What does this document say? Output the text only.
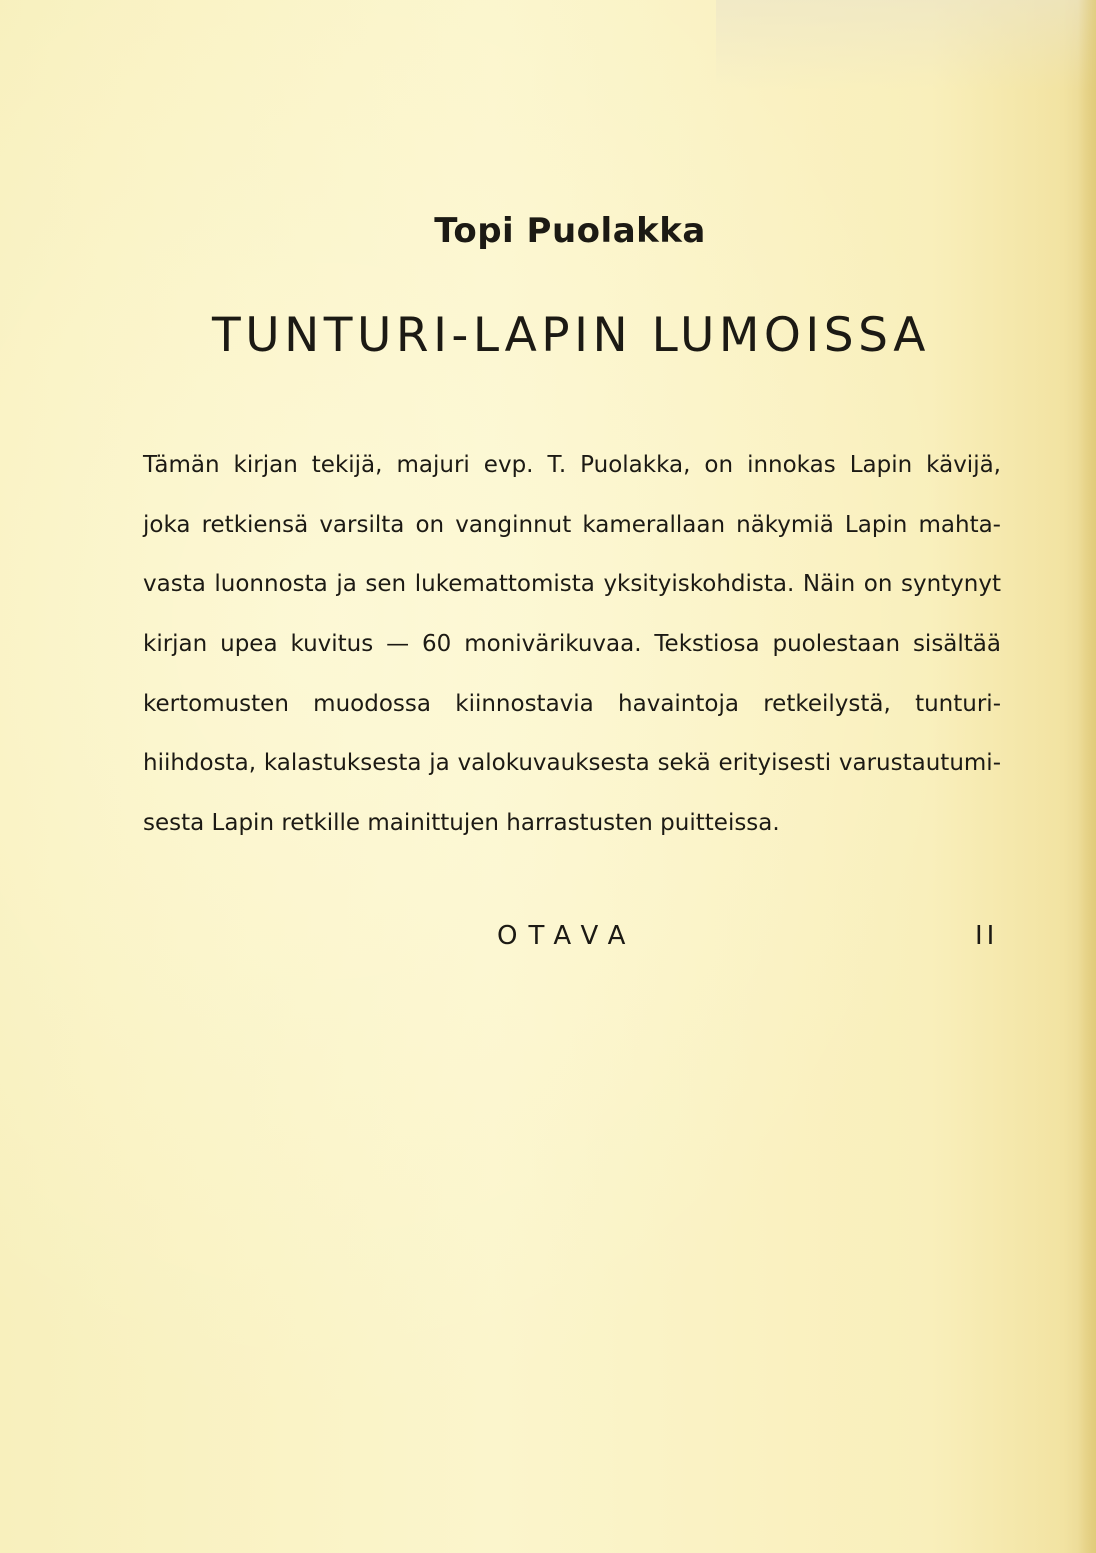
Topi Puolakka
TUNTURI-LAPIN LUMOISSA
Tämän kirjan tekijä, majuri evp. T. Puolakka, on innokas Lapin kävijä,
joka retkiensä varsilta on vanginnut kamerallaan näkymiä Lapin mahta-
vasta luonnosta ja sen lukemattomista yksityiskohdista. Näin on syntynyt
kirjan upea kuvitus — 60 monivärikuvaa. Tekstiosa puolestaan sisältää
kertomusten muodossa kiinnostavia havaintoja retkeilystä, tunturi-
hiihdosta, kalastuksesta ja valokuvauksesta sekä erityisesti varustautumi-
sesta Lapin retkille mainittujen harrastusten puitteissa.
OTAVA	II
